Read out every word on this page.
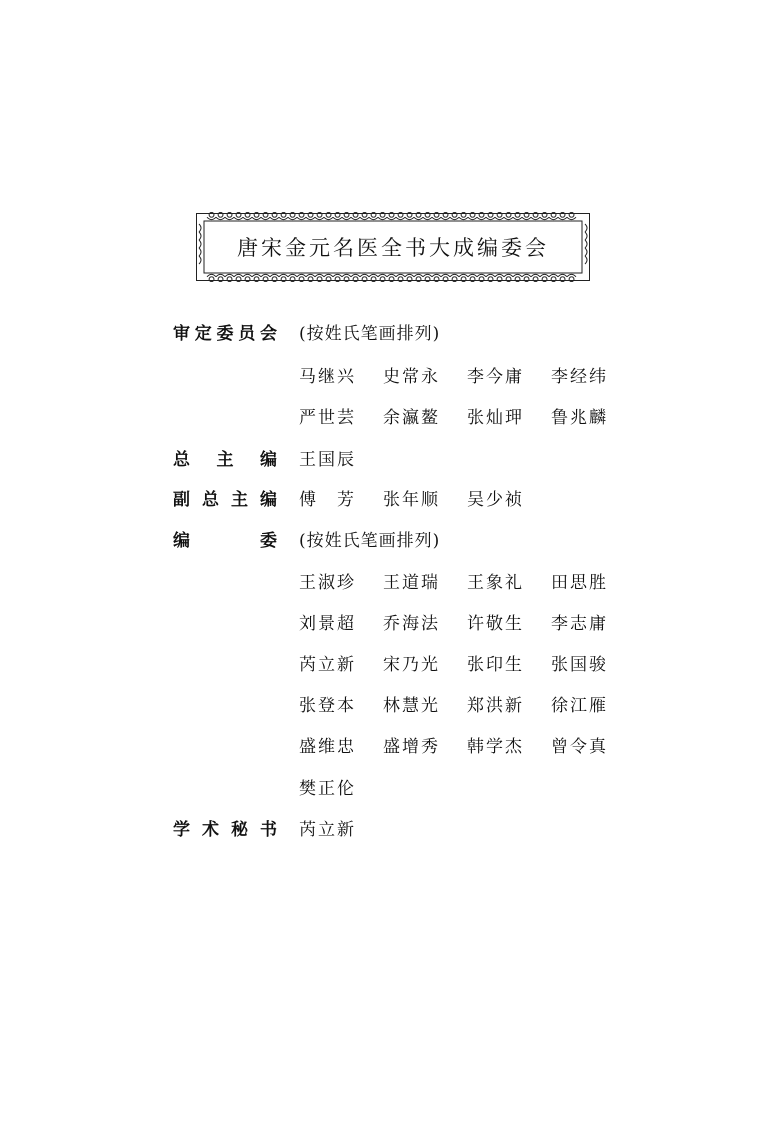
唐宋金元名医全书大成编委会
审 定 委 员 会 (按姓氏笔画排列)
马继兴 史常永 李今庸 李经纬
严世芸 余瀛鳌 张灿玾 鲁兆麟
总 主 编 王国辰
副 总 主 编 傅　芳 张年顺 吴少祯
编	委 (按姓氏笔画排列)
王淑珍 王道瑞 王象礼 田思胜
刘景超 乔海法 许敬生 李志庸
芮立新 宋乃光 张印生 张国骏
张登本 林慧光 郑洪新 徐江雁
盛维忠 盛增秀 韩学杰 曾令真
樊正伦
学 术 秘 书 芮立新
